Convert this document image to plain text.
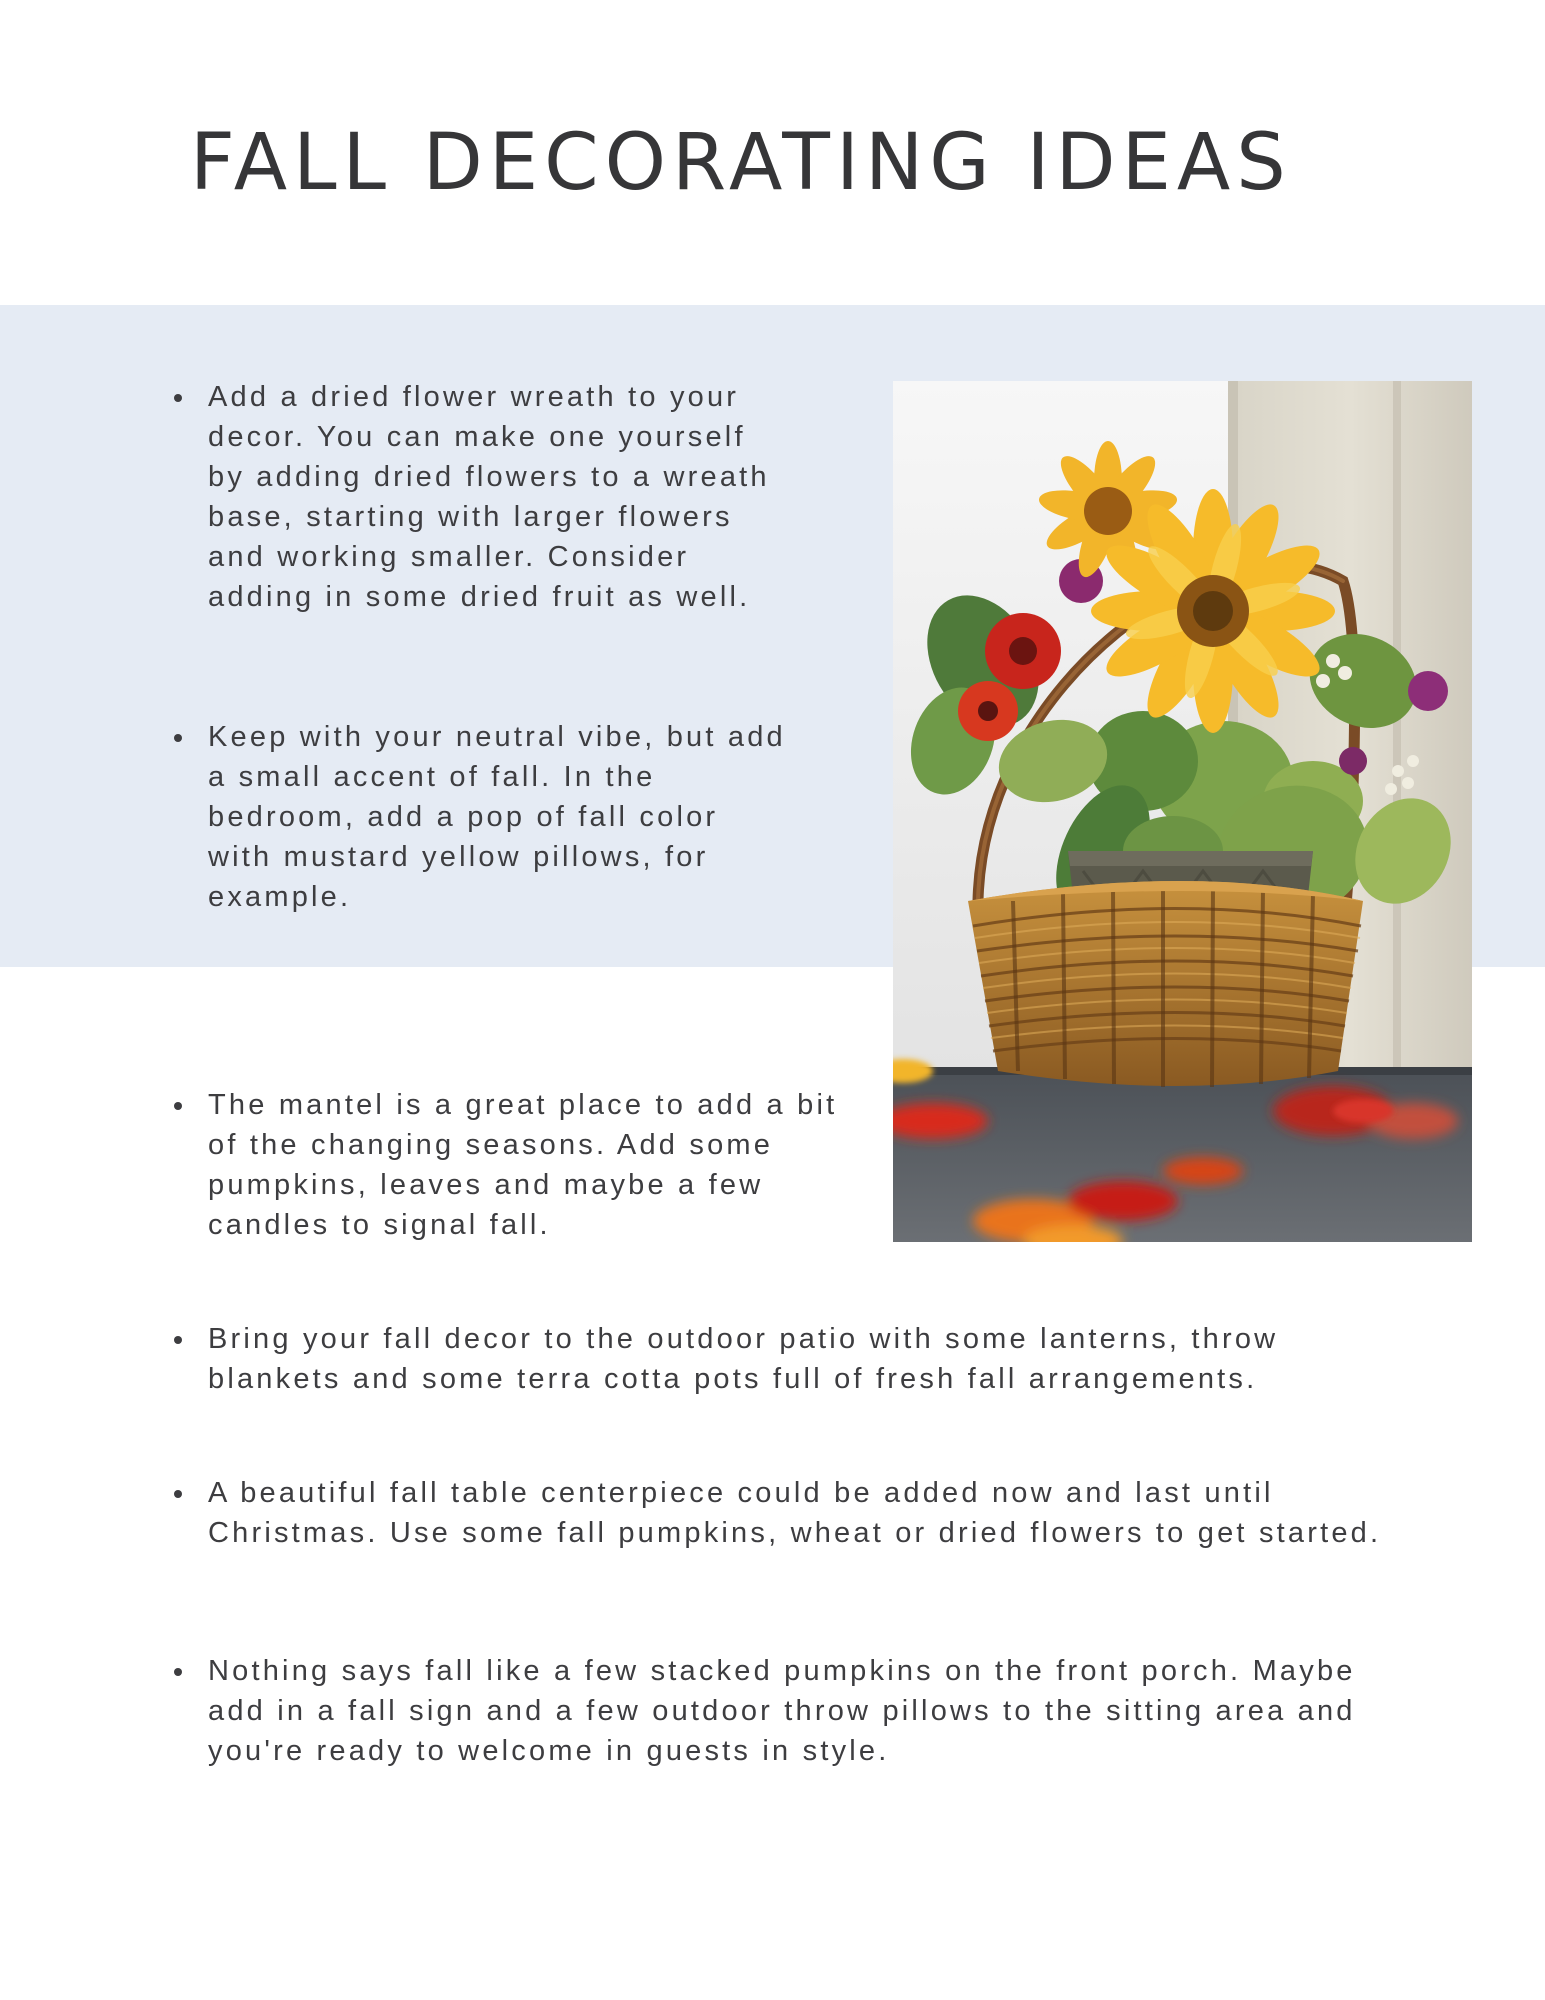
FALL DECORATING IDEAS
Add a dried flower wreath to your decor. You can make one yourself by adding dried flowers to a wreath base, starting with larger flowers and working smaller. Consider adding in some dried fruit as well.
Keep with your neutral vibe, but add a small accent of fall. In the bedroom, add a pop of fall color with mustard yellow pillows, for example.
The mantel is a great place to add a bit of the changing seasons. Add some pumpkins, leaves and maybe a few candles to signal fall.
Bring your fall decor to the outdoor patio with some lanterns, throw blankets and some terra cotta pots full of fresh fall arrangements.
A beautiful fall table centerpiece could be added now and last until Christmas. Use some fall pumpkins, wheat or dried flowers to get started.
Nothing says fall like a few stacked pumpkins on the front porch. Maybe add in a fall sign and a few outdoor throw pillows to the sitting area and you're ready to welcome in guests in style.
